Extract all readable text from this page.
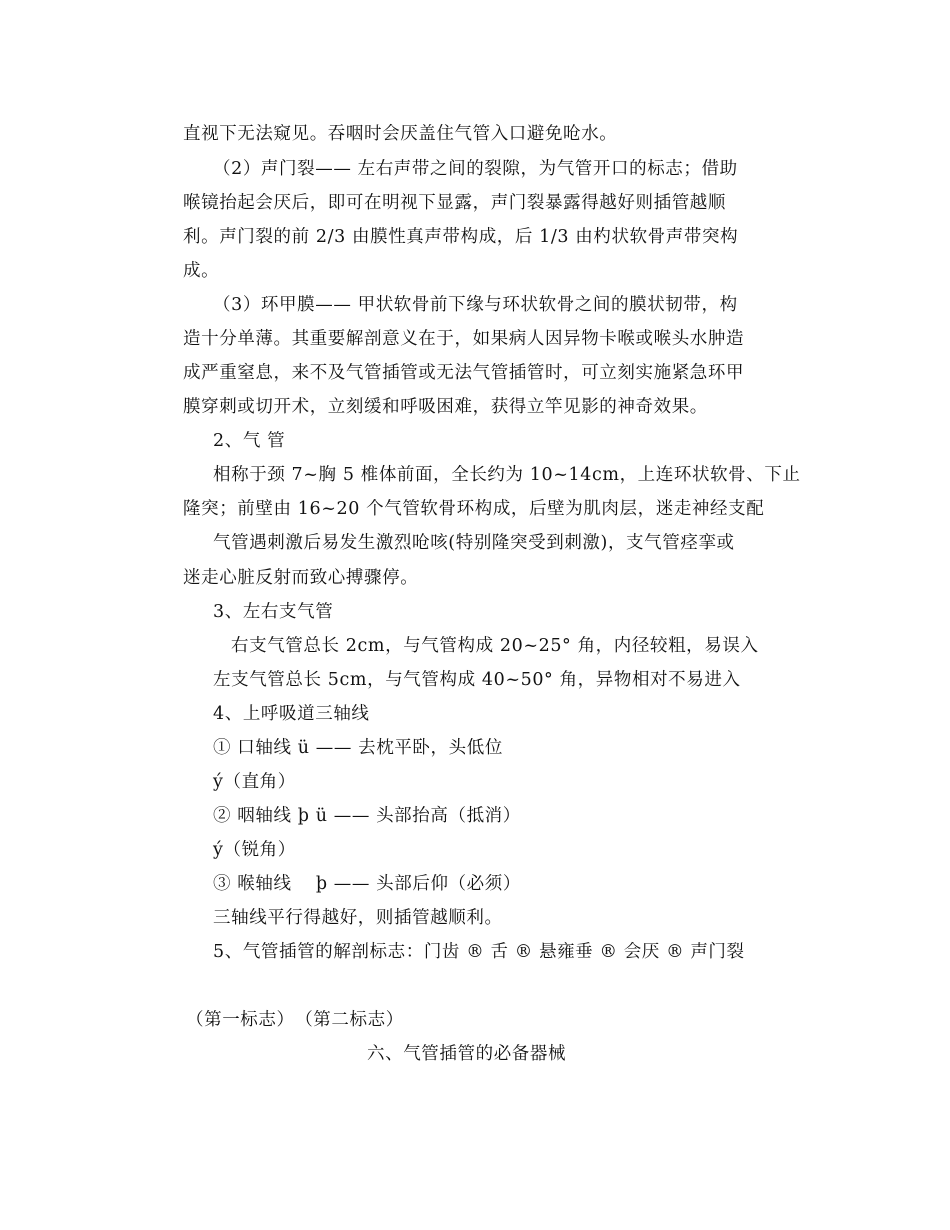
直视下无法窥见。吞咽时会厌盖住气管入口避免呛水。
（2）声门裂—— 左右声带之间的裂隙，为气管开口的标志；借助
喉镜抬起会厌后，即可在明视下显露，声门裂暴露得越好则插管越顺
利。声门裂的前 2/3 由膜性真声带构成，后 1/3 由杓状软骨声带突构
成。
（3）环甲膜—— 甲状软骨前下缘与环状软骨之间的膜状韧带，构
造十分单薄。其重要解剖意义在于，如果病人因异物卡喉或喉头水肿造
成严重窒息，来不及气管插管或无法气管插管时，可立刻实施紧急环甲
膜穿刺或切开术，立刻缓和呼吸困难，获得立竿见影的神奇效果。
2、气 管
相称于颈 7~胸 5 椎体前面，全长约为 10~14cm，上连环状软骨、下止
隆突；前壁由 16~20 个气管软骨环构成，后壁为肌肉层，迷走神经支配
气管遇刺激后易发生激烈呛咳(特别隆突受到刺激)，支气管痉挛或
迷走心脏反射而致心搏骤停。
3、左右支气管
右支气管总长 2cm，与气管构成 20~25° 角，内径较粗，易误入
左支气管总长 5cm，与气管构成 40~50° 角，异物相对不易进入
4、上呼吸道三轴线
① 口轴线 ü —— 去枕平卧，头低位
ý（直角）
② 咽轴线 þ ü —— 头部抬高（抵消）
ý（锐角）
③ 喉轴线　 þ —— 头部后仰（必须）
三轴线平行得越好，则插管越顺利。
5、气管插管的解剖标志：门齿 ® 舌 ® 悬雍垂 ® 会厌 ® 声门裂
（第一标志）　（第二标志）
六、气管插管的必备器械
